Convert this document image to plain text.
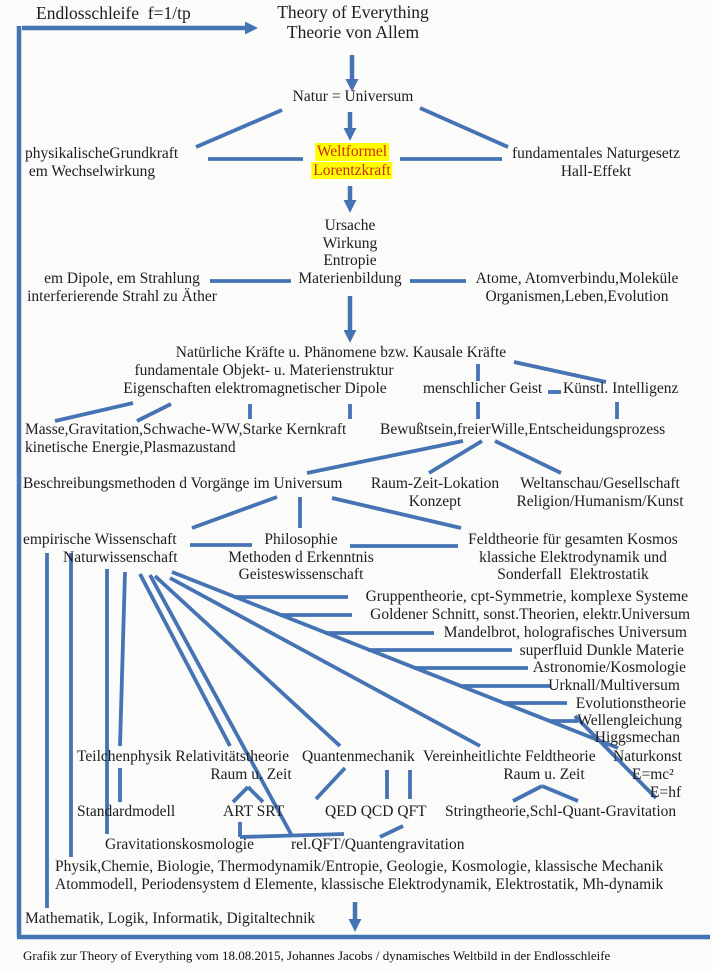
Endlosschleife  f=1/tp	Theory of Everything
Theorie von Allem
Natur = Universum
physikalischeGrundkraft
em Wechselwirkung
Weltformel
Lorentzkraft
fundamentales Naturgesetz
Hall-Effekt
Ursache
Wirkung
Entropie
Materienbildung
em Dipole, em Strahlung
interferierende Strahl zu Äther
Atome, Atomverbindu,Moleküle
Organismen,Leben,Evolution
Natürliche Kräfte u. Phänomene bzw. Kausale Kräfte
fundamentale Objekt- u. Materienstruktur
Eigenschaften elektromagnetischer Dipole menschlicher Geist Künstl. Intelligenz
Masse,Gravitation,Schwache-WW,Starke Kernkraft
kinetische Energie,Plasmazustand
Bewußtsein,freierWille,Entscheidungsprozess
Beschreibungsmethoden d Vorgänge im Universum Raum-Zeit-Lokation
Konzept
Weltanschau/Gesellschaft
Religion/Humanism/Kunst
empirische Wissenschaft
Naturwissenschaft
Philosophie
Methoden d Erkenntnis
Geisteswissenschaft
Feldtheorie für gesamten Kosmos
klassiche Elektrodynamik und
Sonderfall  Elektrostatik
Gruppentheorie, cpt-Symmetrie, komplexe Systeme
Goldener Schnitt, sonst.Theorien, elektr.Universum
Mandelbrot, holografisches Universum
superfluid Dunkle Materie
Astronomie/Kosmologie
Urknall/Multiversum
Evolutionstheorie
Wellengleichung
Higgsmechan
Teilchenphysik Relativitätstheorie Quantenmechanik Vereinheitlichte Feldtheorie Naturkonst
Raum u. Zeit	Raum u. Zeit	E=mc²
E=hf
Standardmodell	ART SRT	QED QCD QFT Stringtheorie,Schl-Quant-Gravitation
Gravitationskosmologie rel.QFT/Quantengravitation
Physik,Chemie, Biologie, Thermodynamik/Entropie, Geologie, Kosmologie, klassische Mechanik
Atommodell, Periodensystem d Elemente, klassische Elektrodynamik, Elektrostatik, Mh-dynamik
Mathematik, Logik, Informatik, Digitaltechnik
Grafik zur Theory of Everything vom 18.08.2015, Johannes Jacobs / dynamisches Weltbild in der Endlosschleife
